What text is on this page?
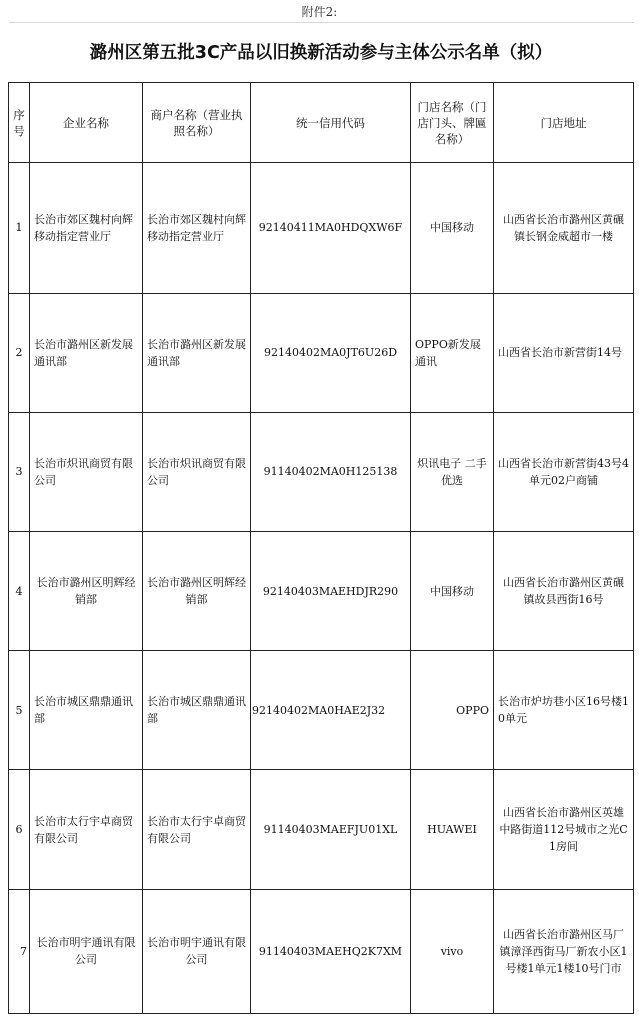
附件2:
潞州区第五批3C产品以旧换新活动参与主体公示名单（拟）					
序号	企业名称	商户名称（营业执照名称）	统一信用代码	门店名称（门店门头、牌匾名称）	门店地址
1	长治市郊区魏村向辉移动指定营业厅	长治市郊区魏村向辉移动指定营业厅	92140411MA0HDQXW6F	中国移动	山西省长治市潞州区黄碾镇长钢金威超市一楼
2	长治市潞州区新发展通讯部	长治市潞州区新发展通讯部	92140402MA0JT6U26D	OPPO新发展通讯	山西省长治市新营街14号
3	长治市炽讯商贸有限公司	长治市炽讯商贸有限公司	91140402MA0H125138	炽讯电子 二手优选	山西省长治市新营街43号4单元02户商铺
4	长治市潞州区明辉经销部	长治市潞州区明辉经销部	92140403MAEHDJR290	中国移动	山西省长治市潞州区黄碾镇故县西街16号
5	长治市城区鼎鼎通讯部	长治市城区鼎鼎通讯部	92140402MA0HAE2J32	OPPO	长治市炉坊巷小区16号楼10单元
6	长治市太行宇卓商贸有限公司	长治市太行宇卓商贸有限公司	91140403MAEFJU01XL	HUAWEI	山西省长治市潞州区英雄中路街道112号城市之光C1房间
7	长治市明宇通讯有限公司	长治市明宇通讯有限公司	91140403MAEHQ2K7XM	vivo	山西省长治市潞州区马厂镇漳泽西街马厂新农小区1号楼1单元1楼10号门市
